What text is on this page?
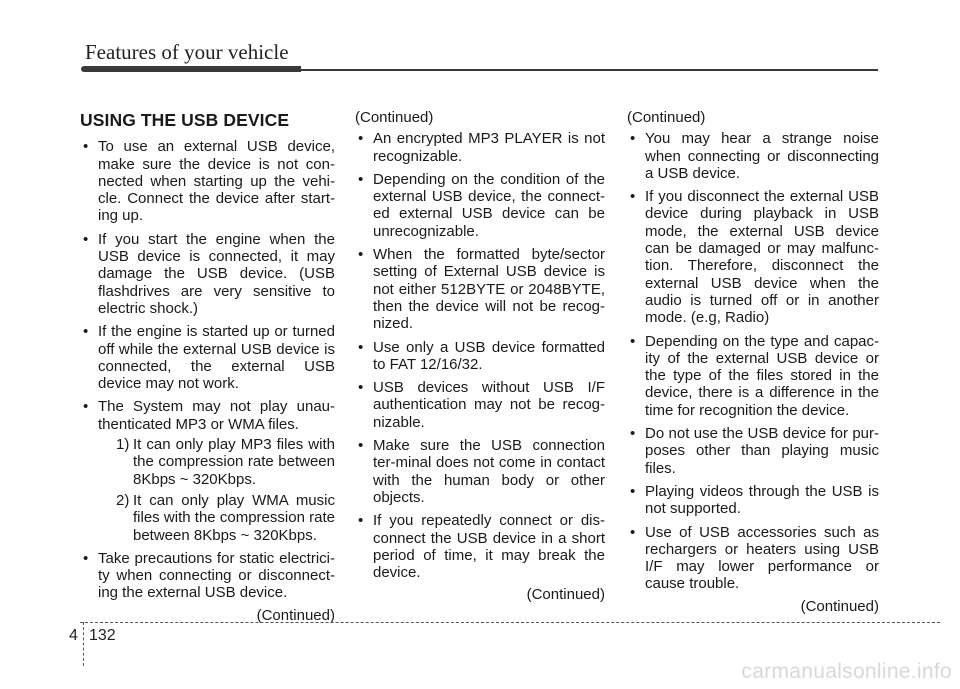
Features of your vehicle
USING THE USB DEVICE
• To use an external USB device, make sure the device is not con-nected when starting up the vehi-cle. Connect the device after start-ing up.
• If you start the engine when the USB device is connected, it may damage the USB device. (USB flashdrives are very sensitive to electric shock.)
• If the engine is started up or turned off while the external USB device is connected, the external USB device may not work.
• The System may not play unau-thenticated MP3 or WMA files.
1) It can only play MP3 files with the compression rate between 8Kbps ~ 320Kbps.
2) It can only play WMA music files with the compression rate between 8Kbps ~ 320Kbps.
• Take precautions for static electrici-ty when connecting or disconnect-ing the external USB device.
(Continued)
(Continued)
• An encrypted MP3 PLAYER is not recognizable.
• Depending on the condition of the external USB device, the connect-ed external USB device can be unrecognizable.
• When the formatted byte/sector setting of External USB device is not either 512BYTE or 2048BYTE, then the device will not be recog-nized.
• Use only a USB device formatted to FAT 12/16/32.
• USB devices without USB I/F authentication may not be recog-nizable.
• Make sure the USB connection ter-minal does not come in contact with the human body or other objects.
• If you repeatedly connect or dis-connect the USB device in a short period of time, it may break the device.
(Continued)
(Continued)
• You may hear a strange noise when connecting or disconnecting a USB device.
• If you disconnect the external USB device during playback in USB mode, the external USB device can be damaged or may malfunc-tion. Therefore, disconnect the external USB device when the audio is turned off or in another mode. (e.g, Radio)
• Depending on the type and capac-ity of the external USB device or the type of the files stored in the device, there is a difference in the time for recognition the device.
• Do not use the USB device for pur-poses other than playing music files.
• Playing videos through the USB is not supported.
• Use of USB accessories such as rechargers or heaters using USB I/F may lower performance or cause trouble.
(Continued)
4 132
carmanualsonline.info
